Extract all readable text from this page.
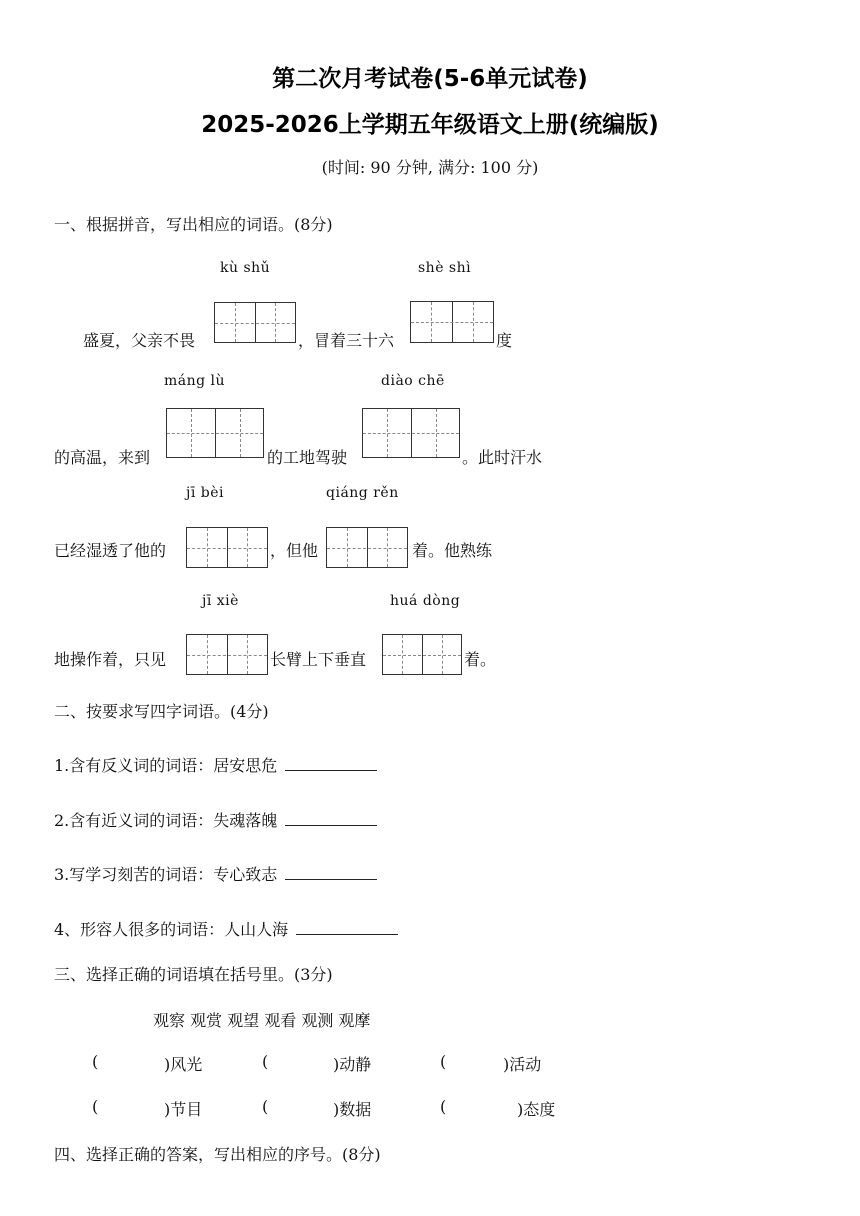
第二次月考试卷(5-6单元试卷)
2025-2026上学期五年级语文上册(统编版)
(时间: 90 分钟, 满分: 100 分)
一、根据拼音，写出相应的词语。(8分)
kù shǔ	shè shì
盛夏，父亲不畏	，冒着三十六	度
máng lù	diào chē
的高温，来到	的工地驾驶	。此时汗水
jī bèi	qiáng rěn
已经湿透了他的	，但他	着。他熟练
jī xiè	huá dòng
地操作着，只见	长臂上下垂直	着。
二、按要求写四字词语。(4分)
1.含有反义词的词语：居安思危
2.含有近义词的词语：失魂落魄
3.写学习刻苦的词语：专心致志
4、形容人很多的词语：人山人海
三、选择正确的词语填在括号里。(3分)
观察 观赏 观望 观看 观测 观摩
(	)风光	(	)动静	(	)活动
(	)节目	(	)数据	(	)态度
四、选择正确的答案，写出相应的序号。(8分)
